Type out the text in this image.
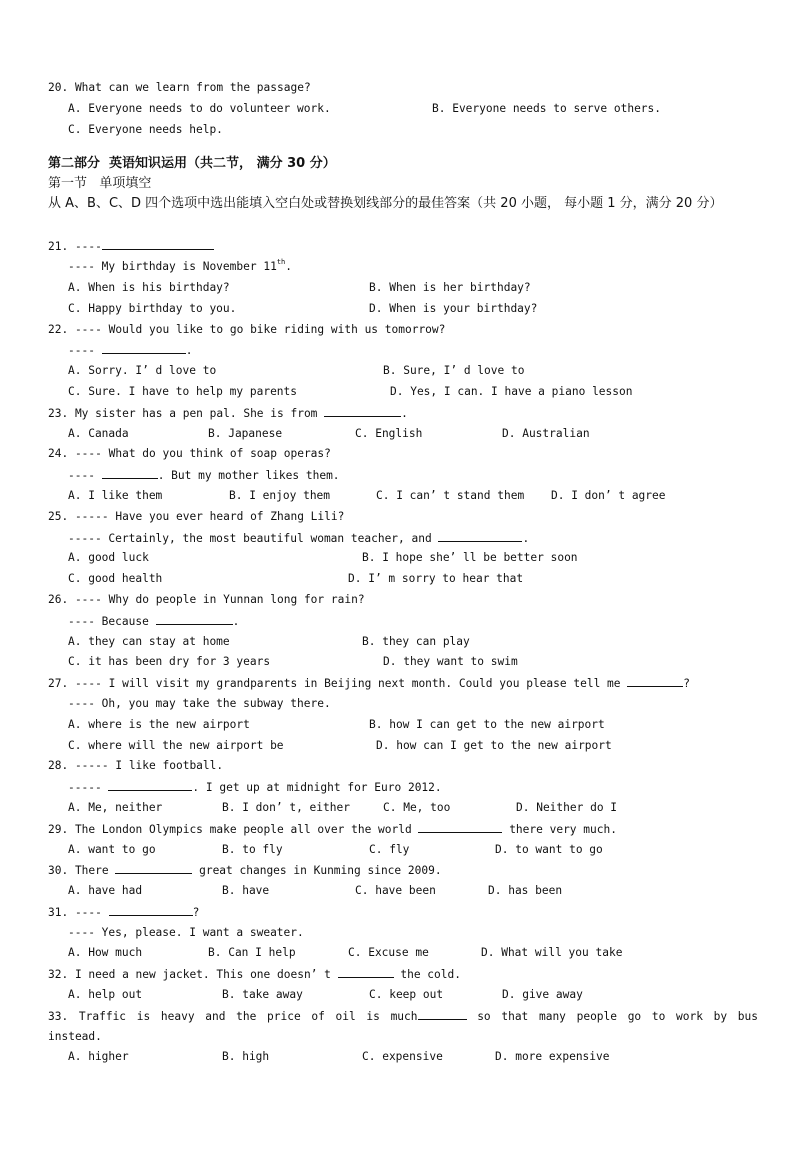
20. What can we learn from the passage?

A. Everyone needs to do volunteer work.

	B. Everyone needs to serve others.

C. Everyone needs help.
第二部分  英语知识运用（共二节， 满分 30 分）
第一节   单项填空
从 A、B、C、D 四个选项中选出能填入空白处或替换划线部分的最佳答案（共 20 小题， 每小题 1 分，满分 20 分）
21. ----
---- My birthday is November 11th.

A. When is his birthday?

	B. When is her birthday?

C. Happy birthday to you.

	D. When is your birthday?

22. ---- Would you like to go bike riding with us tomorrow?
----	.

A. Sorry. I’ d love to

	B. Sure, I’ d love to

C. Sure. I have to help my parents

	D. Yes, I can. I have a piano lesson

23. My sister has a pen pal. She is from	.

A. Canada

	B. Japanese

	C. English

	D. Australian

24. ---- What do you think of soap operas?
----	. But my mother likes them.

A. I like them

	B. I enjoy them

	C. I can’ t stand them

D. I don’ t agree

25. ----- Have you ever heard of Zhang Lili?
----- Certainly, the most beautiful woman teacher, and	.

A. good luck

	B. I hope she’ ll be better soon

C. good health

	D. I’ m sorry to hear that

26. ---- Why do people in Yunnan long for rain?
---- Because	.

A. they can stay at home

	B. they can play

C. it has been dry for 3 years

	D. they want to swim

27. ---- I will visit my grandparents in Beijing next month. Could you please tell me	?
---- Oh, you may take the subway there.

A. where is the new airport

	B. how I can get to the new airport

C. where will the new airport be

	D. how can I get to the new airport

28. ----- I like football.
-----	. I get up at midnight for Euro 2012.

A. Me, neither

	B. I don’ t, either

	C. Me, too

	D. Neither do I

29. The London Olympics make people all over the world	there very much.

A. want to go

	B. to fly

	C. fly

	D. to want to go

30. There	great changes in Kunming since 2009.

A. have had

	B. have

	C. have been

	D. has been

31. ----	?
---- Yes, please. I want a sweater.

A. How much

	B. Can I help

	C. Excuse me

	D. What will you take

32. I need a new jacket. This one doesn’ t	the cold.

A. help out

	B. take away

	C. keep out

	D. give away

33. Traffic is heavy and the price of oil is much	so that many people go to work by bus
instead.

A. higher

	B. high

	C. expensive

	D. more expensive
